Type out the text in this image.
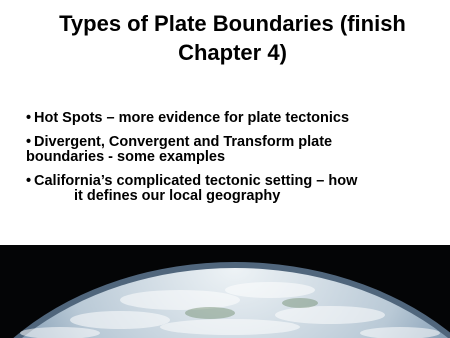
Types of Plate Boundaries (finish
Chapter 4)
• Hot Spots – more evidence for plate tectonics
• Divergent, Convergent and Transform plate
boundaries - some examples
• California’s complicated tectonic setting – how
it defines our local geography
